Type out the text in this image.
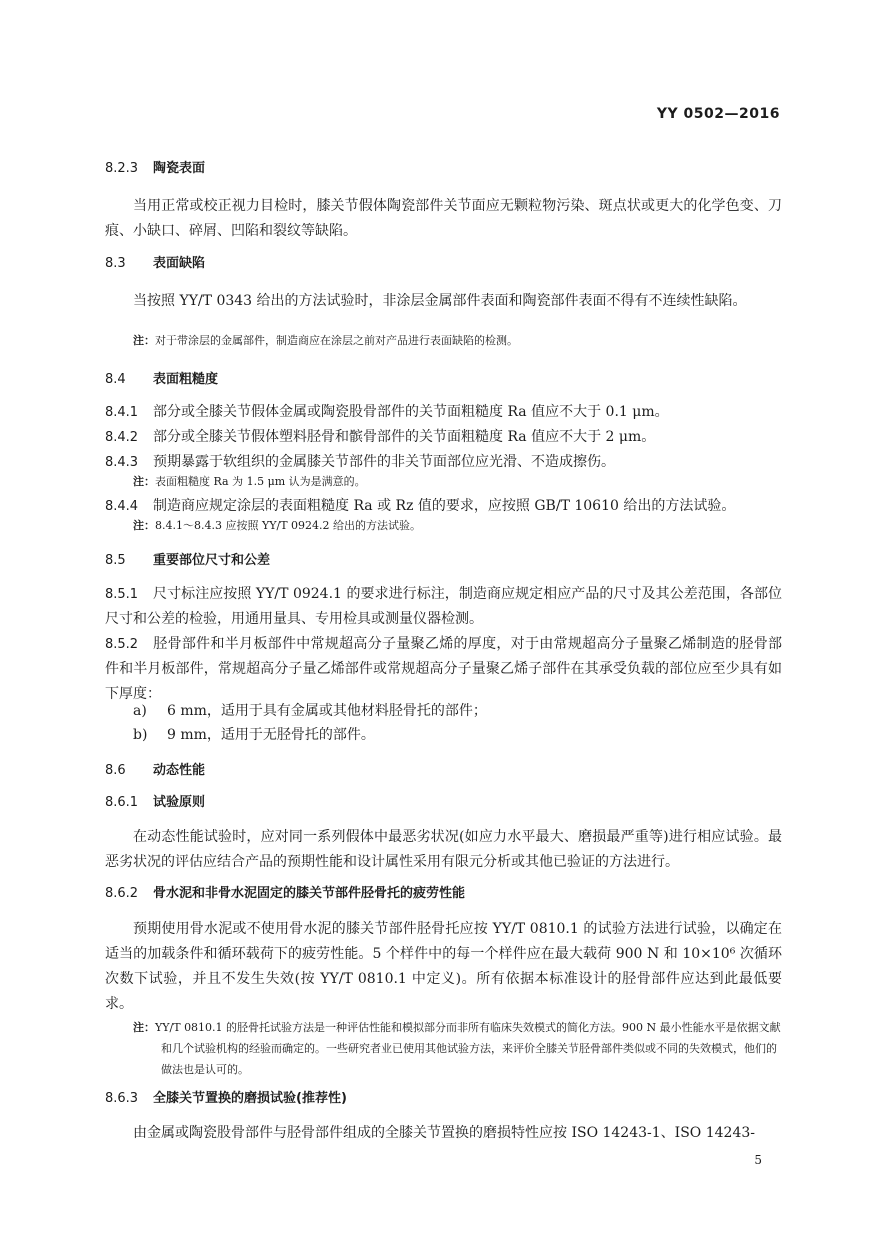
YY 0502—2016
8.2.3 陶瓷表面
当用正常或校正视力目检时，膝关节假体陶瓷部件关节面应无颗粒物污染、斑点状或更大的化学色变、刀痕、小缺口、碎屑、凹陷和裂纹等缺陷。
8.3 表面缺陷
当按照 YY/T 0343 给出的方法试验时，非涂层金属部件表面和陶瓷部件表面不得有不连续性缺陷。
注：对于带涂层的金属部件，制造商应在涂层之前对产品进行表面缺陷的检测。
8.4 表面粗糙度
8.4.1 部分或全膝关节假体金属或陶瓷股骨部件的关节面粗糙度 Ra 值应不大于 0.1 μm。
8.4.2 部分或全膝关节假体塑料胫骨和髌骨部件的关节面粗糙度 Ra 值应不大于 2 μm。
8.4.3 预期暴露于软组织的金属膝关节部件的非关节面部位应光滑、不造成擦伤。
注：表面粗糙度 Ra 为 1.5 μm 认为是满意的。
8.4.4 制造商应规定涂层的表面粗糙度 Ra 或 Rz 值的要求，应按照 GB/T 10610 给出的方法试验。
注：8.4.1～8.4.3 应按照 YY/T 0924.2 给出的方法试验。
8.5 重要部位尺寸和公差
8.5.1 尺寸标注应按照 YY/T 0924.1 的要求进行标注，制造商应规定相应产品的尺寸及其公差范围，各部位尺寸和公差的检验，用通用量具、专用检具或测量仪器检测。
8.5.2 胫骨部件和半月板部件中常规超高分子量聚乙烯的厚度，对于由常规超高分子量聚乙烯制造的胫骨部件和半月板部件，常规超高分子量乙烯部件或常规超高分子量聚乙烯子部件在其承受负载的部位应至少具有如下厚度：
a) 6 mm，适用于具有金属或其他材料胫骨托的部件；
b) 9 mm，适用于无胫骨托的部件。
8.6 动态性能
8.6.1 试验原则
在动态性能试验时，应对同一系列假体中最恶劣状况(如应力水平最大、磨损最严重等)进行相应试验。最恶劣状况的评估应结合产品的预期性能和设计属性采用有限元分析或其他已验证的方法进行。
8.6.2 骨水泥和非骨水泥固定的膝关节部件胫骨托的疲劳性能
预期使用骨水泥或不使用骨水泥的膝关节部件胫骨托应按 YY/T 0810.1 的试验方法进行试验，以确定在适当的加载条件和循环载荷下的疲劳性能。5 个样件中的每一个样件应在最大载荷 900 N 和 10×10⁶ 次循环次数下试验，并且不发生失效(按 YY/T 0810.1 中定义)。所有依据本标准设计的胫骨部件应达到此最低要求。
注：YY/T 0810.1 的胫骨托试验方法是一种评估性能和模拟部分而非所有临床失效模式的简化方法。900 N 最小性能水平是依据文献和几个试验机构的经验而确定的。一些研究者业已使用其他试验方法，来评价全膝关节胫骨部件类似或不同的失效模式，他们的做法也是认可的。
8.6.3 全膝关节置换的磨损试验(推荐性)
由金属或陶瓷股骨部件与胫骨部件组成的全膝关节置换的磨损特性应按 ISO 14243-1、ISO 14243-
5
